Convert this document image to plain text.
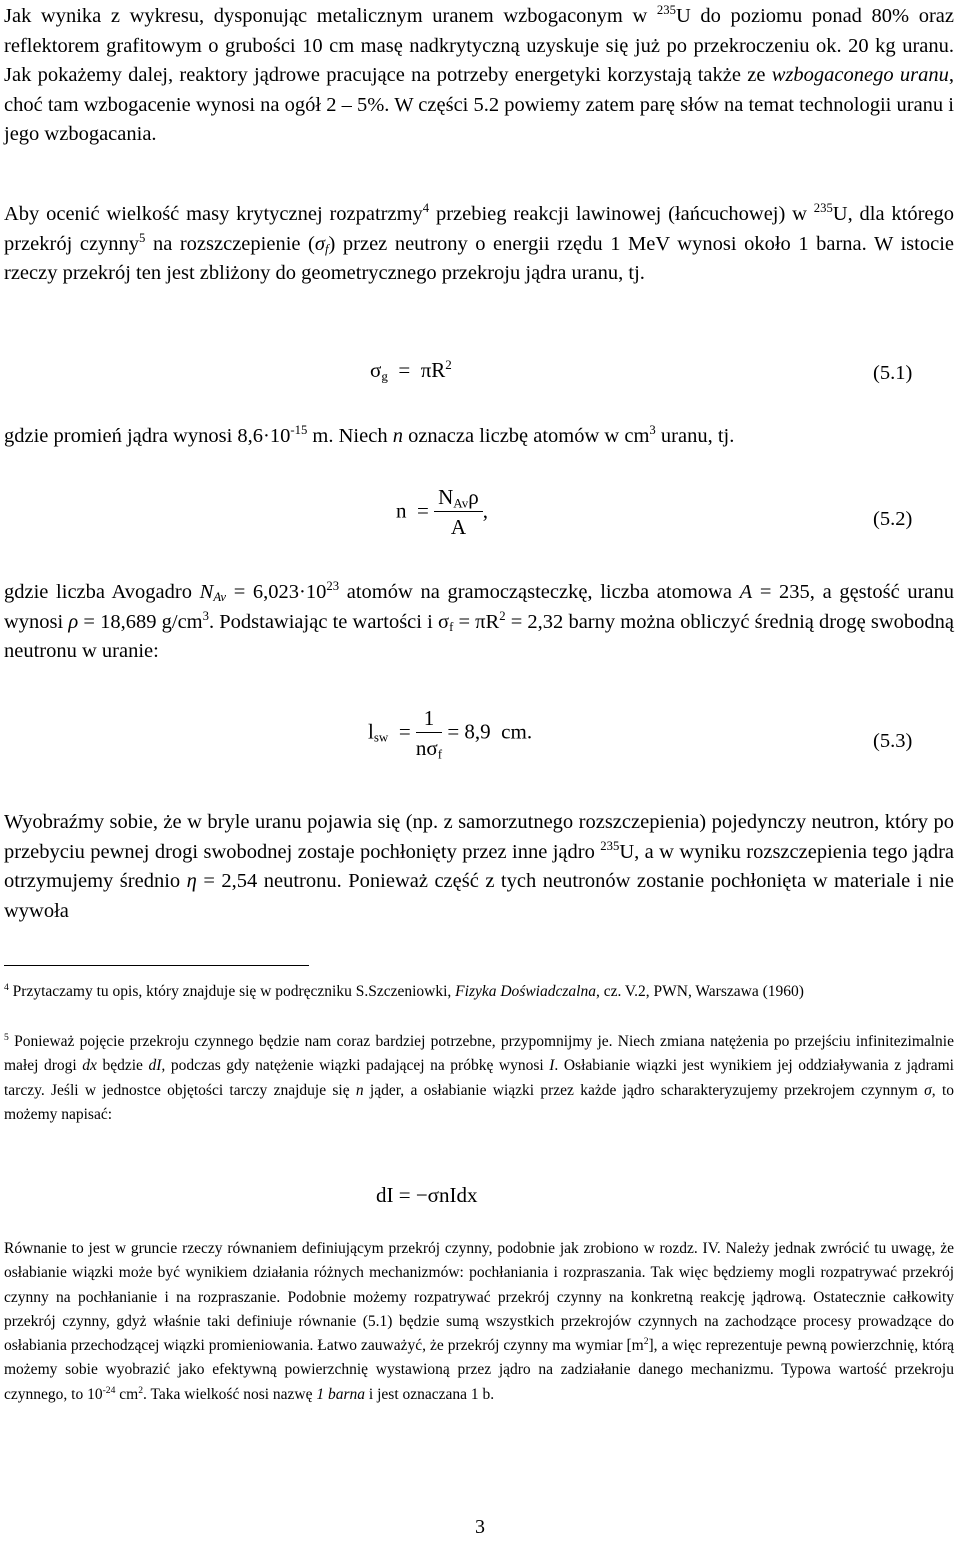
Jak wynika z wykresu, dysponując metalicznym uranem wzbogaconym w $^{235}$U do poziomu ponad 80% oraz reflektorem grafitowym o grubości 10 cm masę nadkrytyczną uzyskuje się już po przekroczeniu ok. 20 kg uranu. Jak pokażemy dalej, reaktory jądrowe pracujące na potrzeby energetyki korzystają także ze wzbogaconego uranu, choć tam wzbogacenie wynosi na ogół 2 – 5%. W części 5.2 powiemy zatem parę słów na temat technologii uranu i jego wzbogacania.

Aby ocenić wielkość masy krytycznej rozpatrzmy$^4$ przebieg reakcji lawinowej (łańcuchowej) w $^{235}$U, dla którego przekrój czynny$^5$ na rozszczepienie $(\sigma_f)$ przez neutrony o energii rzędu 1 MeV wynosi około 1 barna. W istocie rzeczy przekrój ten jest zbliżony do geometrycznego przekroju jądra uranu, tj.

$\sigma_g = \pi R^2$	(5.1)

gdzie promień jądra wynosi $8,6\cdot 10^{-15}$ m. Niech n oznacza liczbę atomów w $cm^3$ uranu, tj.

$n = \frac{N_{Av}\rho}{A}$ ,	(5.2)

gdzie liczba Avogadro $N_{Av} = 6,023\cdot 10^{23}$ atomów na gramocząsteczkę, liczba atomowa A = 235, a gęstość uranu wynosi ρ = 18,689 $g/cm^3$. Podstawiając te wartości i $\sigma_f = \pi R^2 = 2,32$ barny można obliczyć średnią drogę swobodną neutronu w uranie:

$l_{sw} = \frac{1}{n\sigma_f} = 8,9$ cm.	(5.3)

Wyobraźmy sobie, że w bryle uranu pojawia się (np. z samorzutnego rozszczepienia) pojedynczy neutron, który po przebyciu pewnej drogi swobodnej zostaje pochłonięty przez inne jądro $^{235}$U, a w wyniku rozszczepienia tego jądra otrzymujemy średnio η = 2,54 neutronu. Ponieważ część z tych neutronów zostanie pochłonięta w materiale i nie wywoła

$^4$ Przytaczamy tu opis, który znajduje się w podręczniku S.Szczeniowki, Fizyka Doświadczalna, cz. V.2, PWN, Warszawa (1960)

$^5$ Ponieważ pojęcie przekroju czynnego będzie nam coraz bardziej potrzebne, przypomnijmy je. Niech zmiana natężenia po przejściu infinitezimalnie małej drogi dx będzie dI, podczas gdy natężenie wiązki padającej na próbkę wynosi I. Osłabianie wiązki jest wynikiem jej oddziaływania z jądrami tarczy. Jeśli w jednostce objętości tarczy znajduje się n jąder, a osłabianie wiązki przez każde jądro scharakteryzujemy przekrojem czynnym σ, to możemy napisać:

dI = −σnIdx

Równanie to jest w gruncie rzeczy równaniem definiującym przekrój czynny, podobnie jak zrobiono w rozdz. IV. Należy jednak zwrócić tu uwagę, że osłabianie wiązki może być wynikiem działania różnych mechanizmów: pochłaniania i rozpraszania. Tak więc będziemy mogli rozpatrywać przekrój czynny na pochłanianie i na rozpraszanie. Podobnie możemy rozpatrywać przekrój czynny na konkretną reakcję jądrową. Ostatecznie całkowity przekrój czynny, gdyż właśnie taki definiuje równanie (5.1) będzie sumą wszystkich przekrojów czynnych na zachodzące procesy prowadzące do osłabiania przechodzącej wiązki promieniowania. Łatwo zauważyć, że przekrój czynny ma wymiar $[m^2]$, a więc reprezentuje pewną powierzchnię, którą możemy sobie wyobrazić jako efektywną powierzchnię wystawioną przez jądro na zadziałanie danego mechanizmu. Typowa wartość przekroju czynnego, to $10^{-24}$ $cm^2$. Taka wielkość nosi nazwę 1 barna i jest oznaczana 1 b.

3
